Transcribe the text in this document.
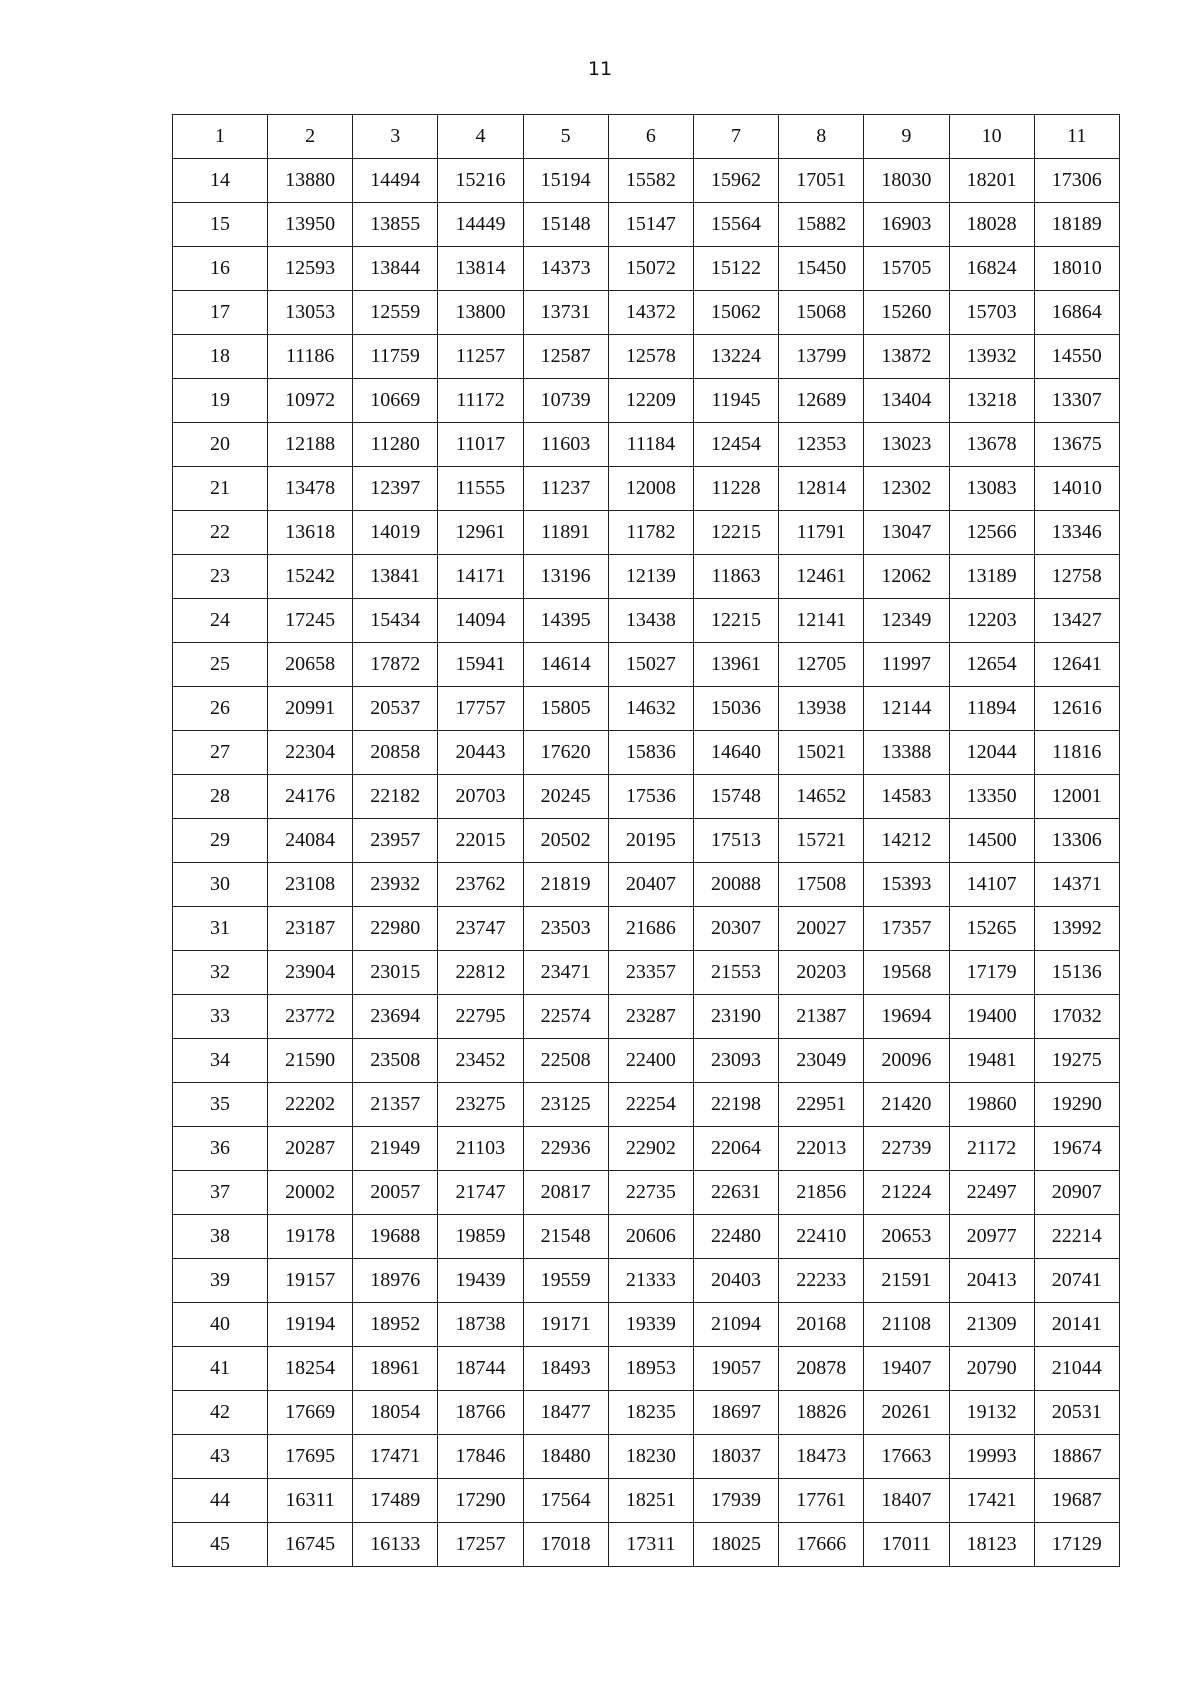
11
1	2	3	4	5	6	7	8	9	10	11
14	13880	14494	15216	15194	15582	15962	17051	18030	18201	17306
15	13950	13855	14449	15148	15147	15564	15882	16903	18028	18189
16	12593	13844	13814	14373	15072	15122	15450	15705	16824	18010
17	13053	12559	13800	13731	14372	15062	15068	15260	15703	16864
18	11186	11759	11257	12587	12578	13224	13799	13872	13932	14550
19	10972	10669	11172	10739	12209	11945	12689	13404	13218	13307
20	12188	11280	11017	11603	11184	12454	12353	13023	13678	13675
21	13478	12397	11555	11237	12008	11228	12814	12302	13083	14010
22	13618	14019	12961	11891	11782	12215	11791	13047	12566	13346
23	15242	13841	14171	13196	12139	11863	12461	12062	13189	12758
24	17245	15434	14094	14395	13438	12215	12141	12349	12203	13427
25	20658	17872	15941	14614	15027	13961	12705	11997	12654	12641
26	20991	20537	17757	15805	14632	15036	13938	12144	11894	12616
27	22304	20858	20443	17620	15836	14640	15021	13388	12044	11816
28	24176	22182	20703	20245	17536	15748	14652	14583	13350	12001
29	24084	23957	22015	20502	20195	17513	15721	14212	14500	13306
30	23108	23932	23762	21819	20407	20088	17508	15393	14107	14371
31	23187	22980	23747	23503	21686	20307	20027	17357	15265	13992
32	23904	23015	22812	23471	23357	21553	20203	19568	17179	15136
33	23772	23694	22795	22574	23287	23190	21387	19694	19400	17032
34	21590	23508	23452	22508	22400	23093	23049	20096	19481	19275
35	22202	21357	23275	23125	22254	22198	22951	21420	19860	19290
36	20287	21949	21103	22936	22902	22064	22013	22739	21172	19674
37	20002	20057	21747	20817	22735	22631	21856	21224	22497	20907
38	19178	19688	19859	21548	20606	22480	22410	20653	20977	22214
39	19157	18976	19439	19559	21333	20403	22233	21591	20413	20741
40	19194	18952	18738	19171	19339	21094	20168	21108	21309	20141
41	18254	18961	18744	18493	18953	19057	20878	19407	20790	21044
42	17669	18054	18766	18477	18235	18697	18826	20261	19132	20531
43	17695	17471	17846	18480	18230	18037	18473	17663	19993	18867
44	16311	17489	17290	17564	18251	17939	17761	18407	17421	19687
45	16745	16133	17257	17018	17311	18025	17666	17011	18123	17129
